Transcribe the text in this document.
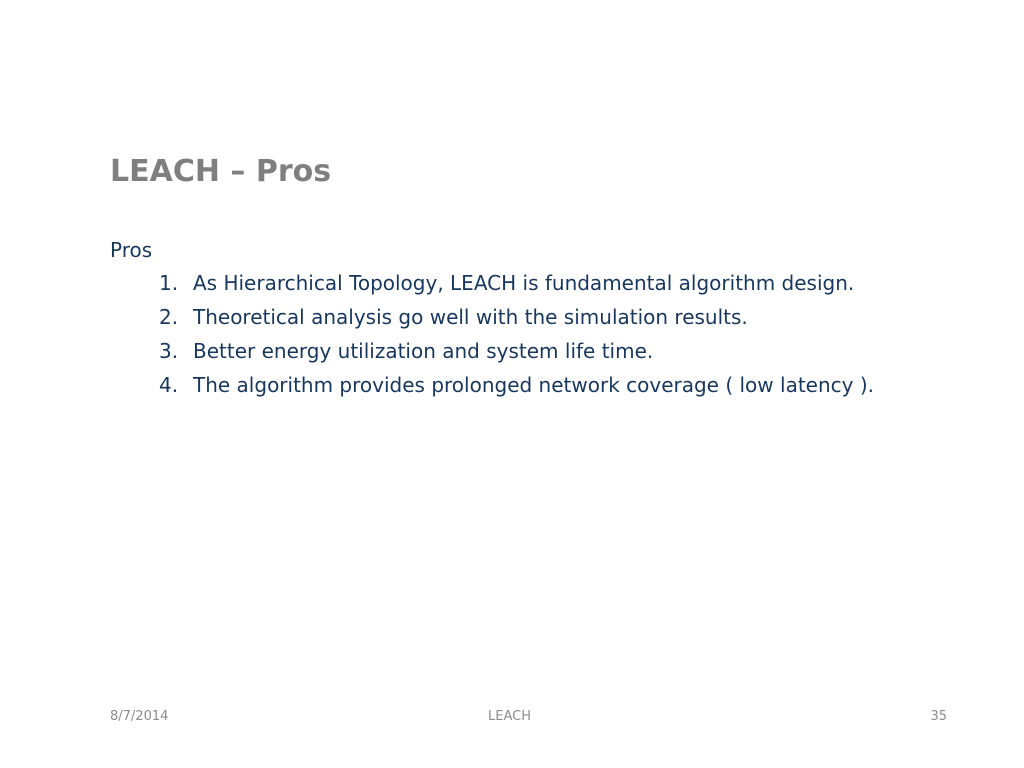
LEACH – Pros
Pros
1. As Hierarchical Topology, LEACH is fundamental algorithm design.
2. Theoretical analysis go well with the simulation results.
3. Better energy utilization and system life time.
4. The algorithm provides prolonged network coverage ( low latency ).
8/7/2014	LEACH	35
